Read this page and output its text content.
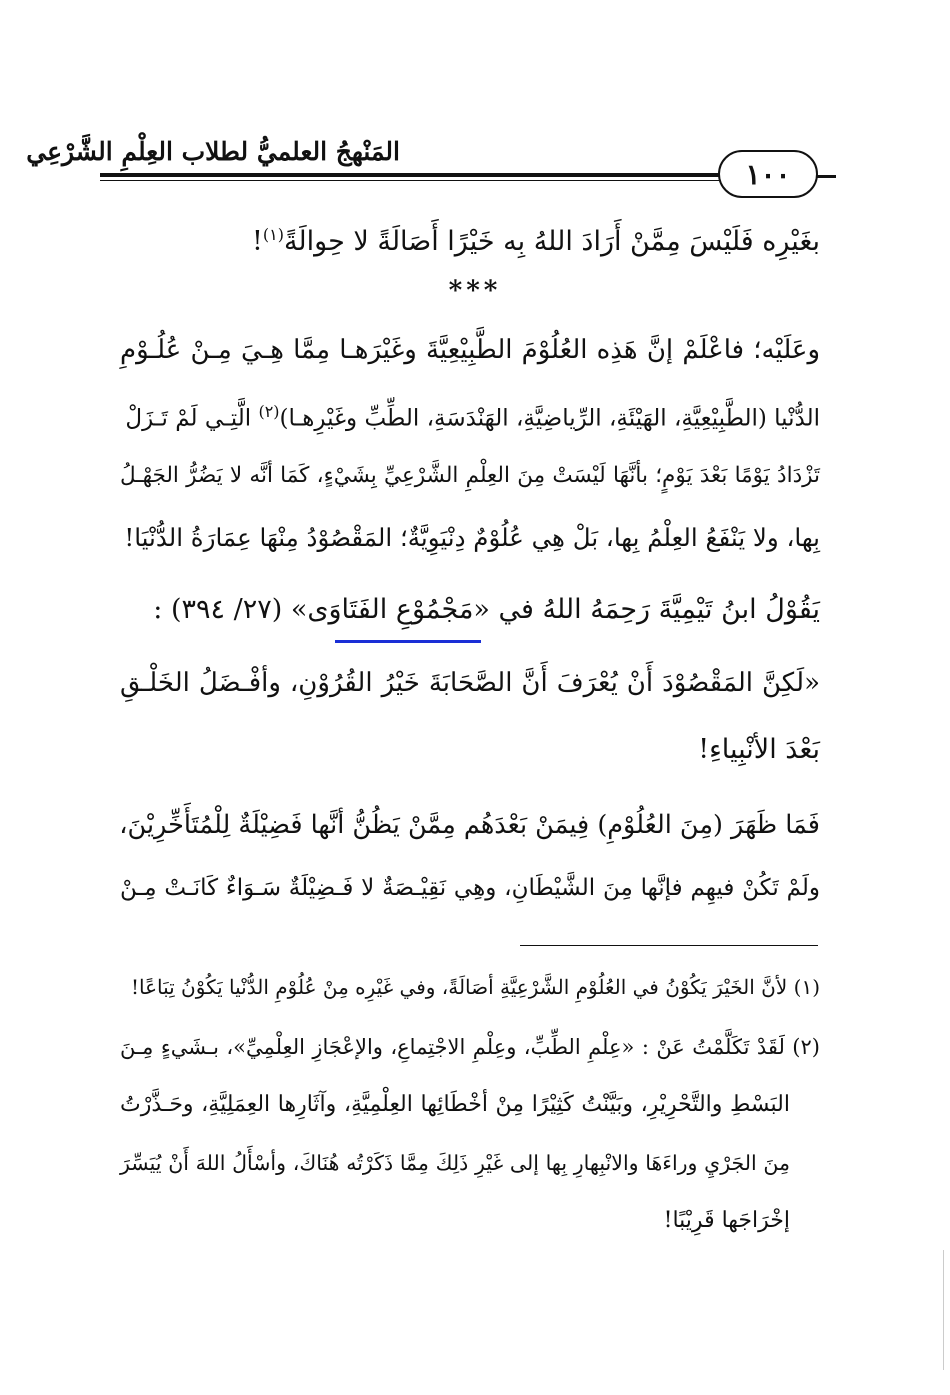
المَنْهجُ العلميُّ لطلاب العِلْمِ الشَّرْعِي
١٠٠
بغَيْرِه فَلَيْسَ مِمَّنْ أَرَادَ اللهُ بِه خَيْرًا أَصَالَةً لا حِوالَةً$^{(١)}$!
***
وعَلَيْه؛ فاعْلَمْ إنَّ هَذِه العُلُوْمَ الطَّبِيْعِيَّةَ وغَيْرَهـا مِمَّا هِـيَ مِـنْ عُلُـوْمِ
الدُّنْيا (الطَّبِيْعِيَّةِ، الهَيْئَةِ، الرِّياضِيَّةِ، الهَنْدَسَةِ، الطِّبِّ وغَيْرِهـا)$^{(٢)}$ الَّتِـي لَمْ تَـزَلْ
تَزْدَادُ يَوْمًا بَعْدَ يَوْمٍ؛ بأنَّهَا لَيْسَتْ مِنَ العِلْمِ الشَّرْعِيِّ بِشَيْءٍ، كَمَا أنَّه لا يَضُرُّ الجَهْـلُ
بِها، ولا يَنْفَعُ العِلْمُ بِها، بَلْ هِي عُلُوْمٌ دِنْيَوِيَّةٌ؛ المَقْصُوْدُ مِنْهَا عِمَارَةُ الدُّنْيَا!
يَقُوْلُ ابنُ تَيْمِيَّةَ رَحِمَهُ اللهُ في «مَجْمُوْعِ الفَتَاوَى» (٢٧/ ٣٩٤) :
«لَكِنَّ المَقْصُوْدَ أَنْ يُعْرَفَ أَنَّ الصَّحَابَةَ خَيْرُ القُرُوْنِ، وأفْـضَلُ الخَلْـقِ
بَعْدَ الأنْبِياءِ!
فَمَا ظَهَرَ (مِنَ العُلُوْمِ) فِيمَنْ بَعْدَهُم مِمَّنْ يَظُنُّ أنَّها فَضِيْلَةٌ لِلْمُتَأَخِّرِيْنَ،
ولَمْ تَكُنْ فيهِم فإنَّها مِنَ الشَّيْطَانِ، وهِي نَقِيْـصَةٌ لا فَـضِيْلَةٌ سَـوَاءٌ كَانَـتْ مِـنْ
(١) لأنَّ الخَيْرَ يَكُوْنُ في العُلُوْمِ الشَّرْعِيَّةِ أصَالَةً، وفي غَيْرِه مِنْ عُلُوْمِ الدُّنْيا يَكُوْنُ تِبَاعًا!
(٢) لَقَدْ تَكَلَّمْتُ عَنْ : «عِلْمِ الطِّبِّ، وعِلْمِ الاجْتِماعِ، والإعْجَازِ العِلْمِيِّ»، بـشَيءٍ مِـنَ
البَسْطِ والتَّحْرِيْرِ، وبَيَّنْتُ كَثِيْرًا مِنْ أخْطَائِها العِلْمِيَّةِ، وآثَارِها العِمَلِيَّةِ، وحَـذَّرْتُ
مِنَ الجَرْيِ وراءَهَا والانْبِهارِ بِها إلى غَيْرِ ذَلِكَ مِمَّا ذَكَرْتُه هُنَاكَ، وأسْأَلُ اللهَ أَنْ يُيَسِّرَ
إخْرَاجَها قَرِيْبًا!
